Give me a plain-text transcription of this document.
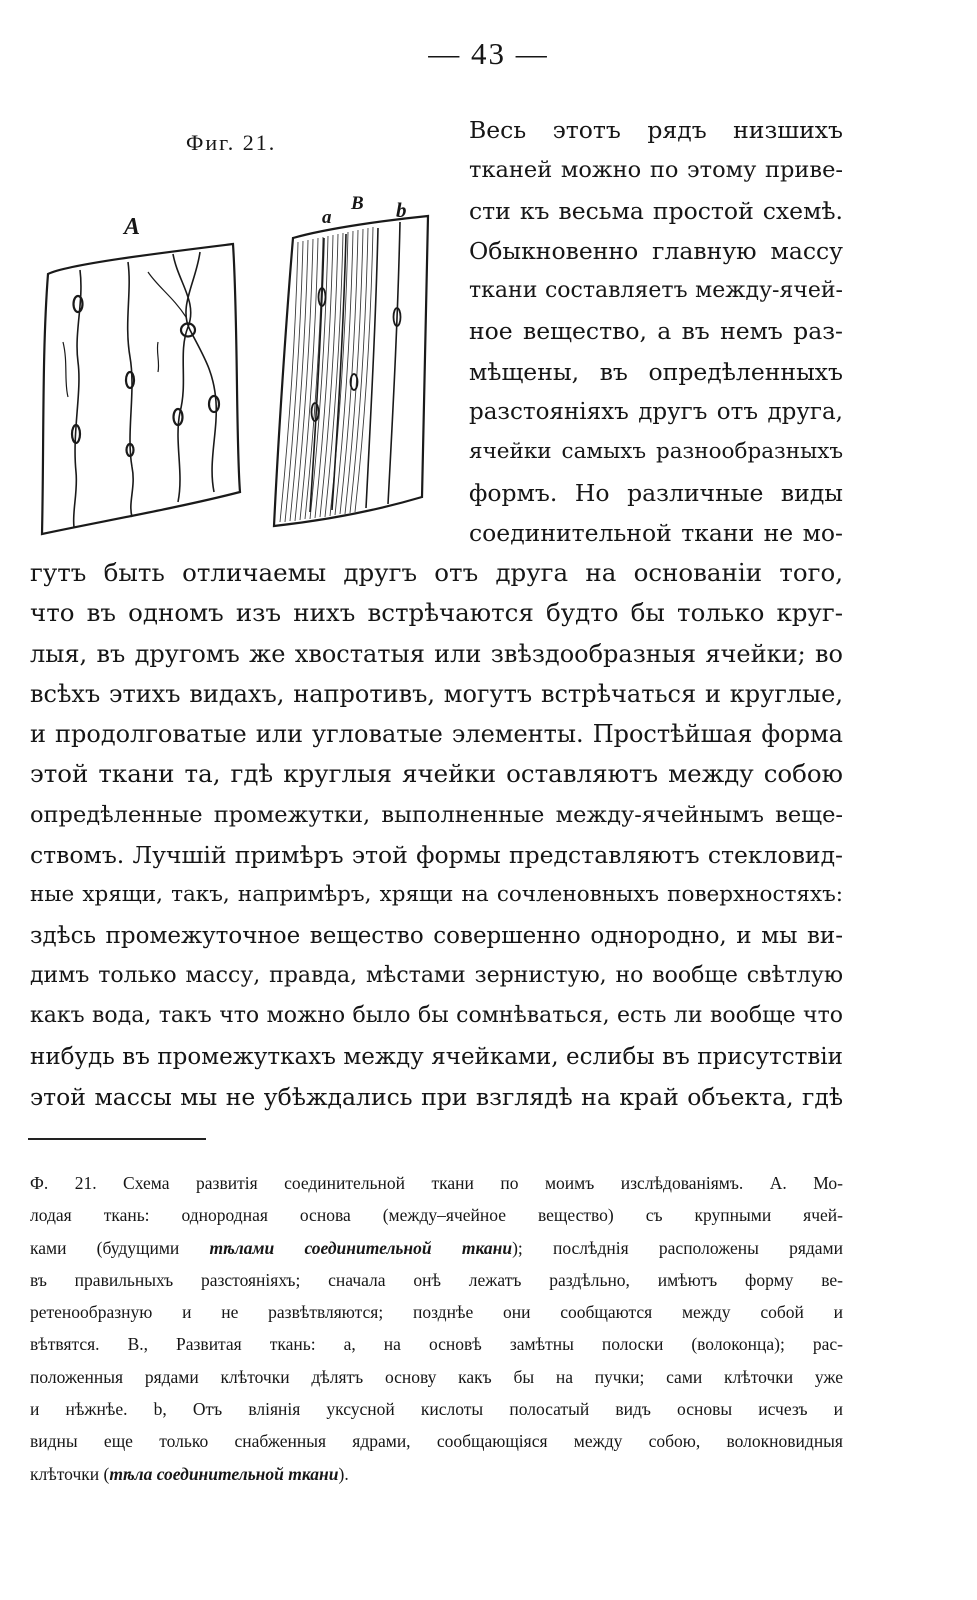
— 43 —
Фиг. 21.
A	a
B b
Весь этотъ рядъ низшихъ
тканей можно по этому приве-
сти къ весьма простой схемѣ.
Обыкновенно главную массу
ткани составляетъ между-ячей-
ное вещество, а въ немъ раз-
мѣщены, въ опредѣленныхъ
разстояніяхъ другъ отъ друга,
ячейки самыхъ разнообразныхъ
формъ. Но различные виды
соединительной ткани не мо-
гутъ быть отличаемы другъ отъ друга на основаніи того,
что въ одномъ изъ нихъ встрѣчаются будто бы только круг-
лыя, въ другомъ же хвостатыя или звѣздообразныя ячейки; во
всѣхъ этихъ видахъ, напротивъ, могутъ встрѣчаться и круглые,
и продолговатые или угловатые элементы. Простѣйшая форма
этой ткани та, гдѣ круглыя ячейки оставляютъ между собою
опредѣленные промежутки, выполненные между-ячейнымъ веще-
ствомъ. Лучшій примѣръ этой формы представляютъ стекловид-
ные хрящи, такъ, напримѣръ, хрящи на сочленовныхъ поверхностяхъ:
здѣсь промежуточное вещество совершенно однородно, и мы ви-
димъ только массу, правда, мѣстами зернистую, но вообще свѣтлую
какъ вода, такъ что можно было бы сомнѣваться, есть ли вообще что
нибудь въ промежуткахъ между ячейками, еслибы въ присутствіи
этой массы мы не убѣждались при взглядѣ на край объекта, гдѣ
Ф. 21. Схема развитія соединительной ткани по моимъ изслѣдованіямъ. А. Мо-
лодая ткань: однородная основа (между–ячейное вещество) съ крупными ячей-
ками (будущими тѣлами соединительной ткани); послѣднія расположены рядами
въ правильныхъ разстояніяхъ; сначала онѣ лежатъ раздѣльно, имѣютъ форму ве-
ретенообразную и не развѣтвляются; позднѣе они сообщаются между собой и
вѣтвятся. В., Развитая ткань: а, на основѣ замѣтны полоски (волоконца); рас-
положенныя рядами клѣточки дѣлятъ основу какъ бы на пучки; сами клѣточки уже
и нѣжнѣе. b, Отъ вліянія уксусной кислоты полосатый видъ основы исчезъ и
видны еще только снабженныя ядрами, сообщающіяся между собою, волокновидныя
клѣточки (тѣла соединительной ткани).
